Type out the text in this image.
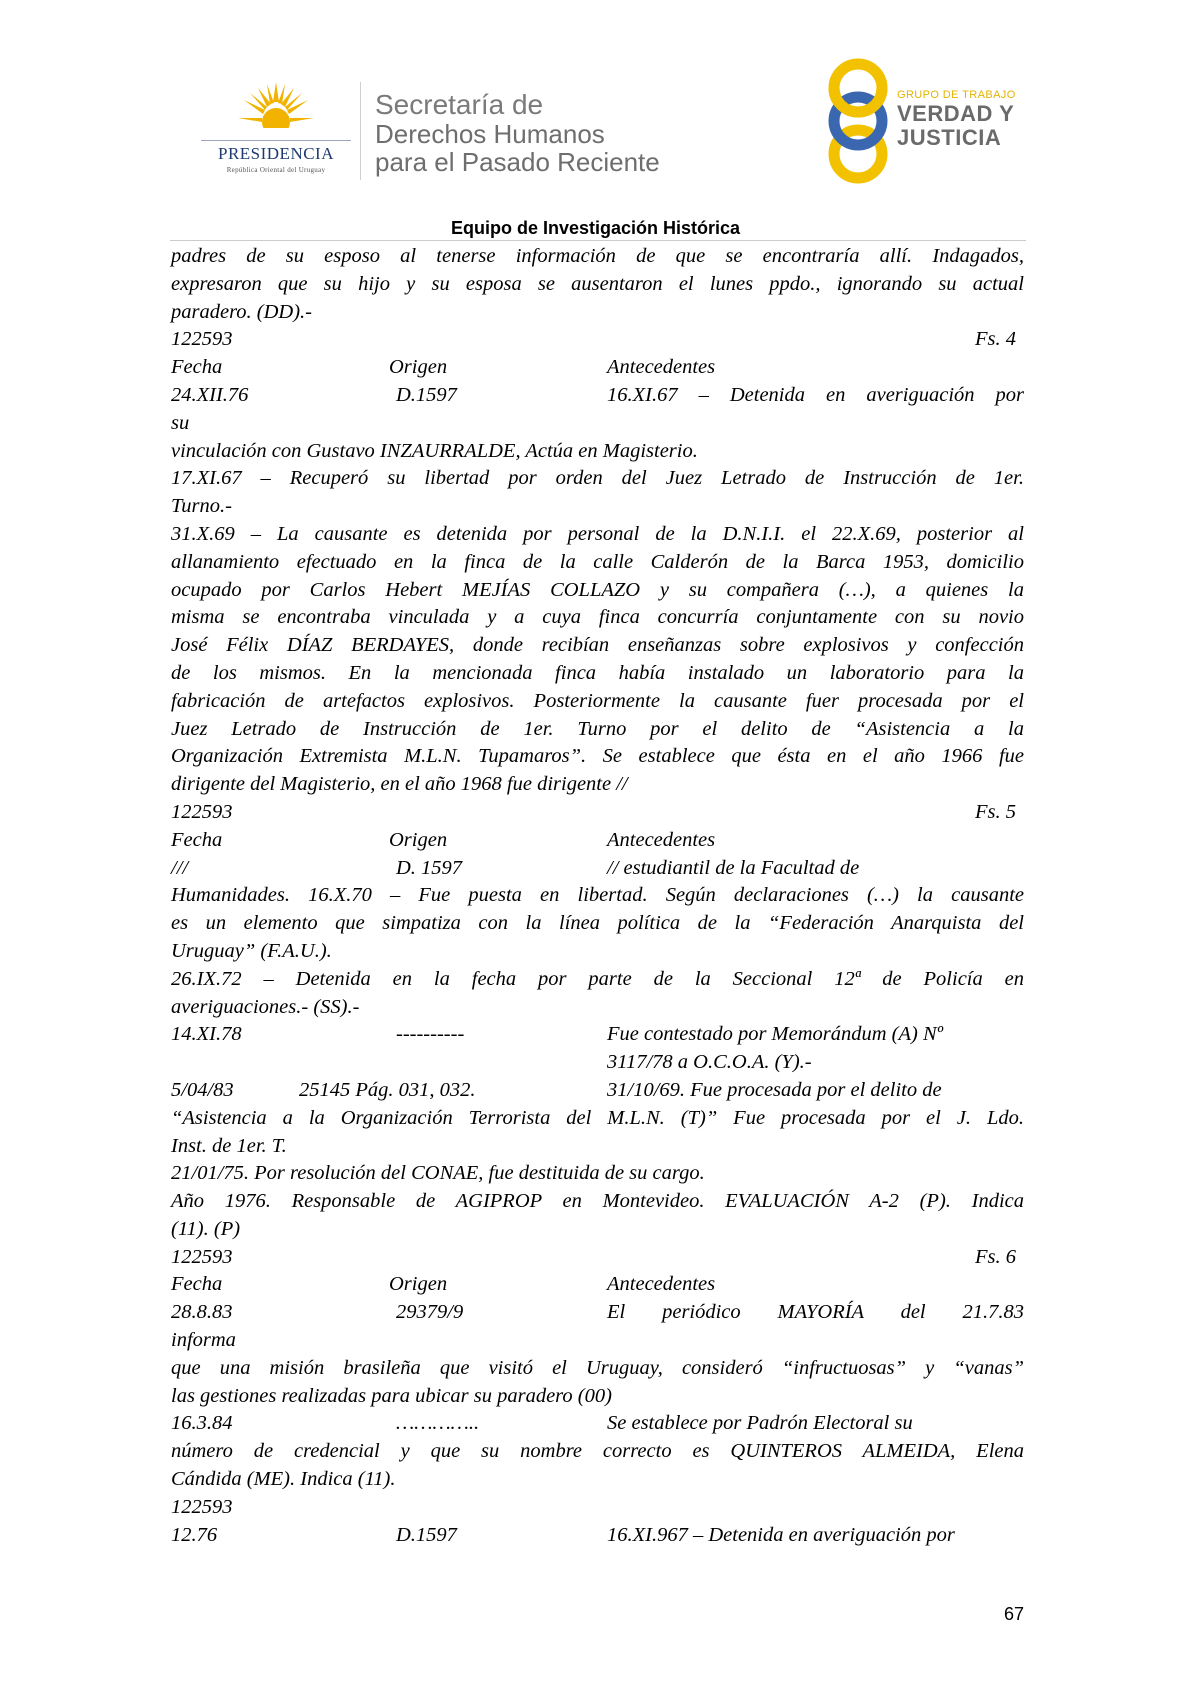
PRESIDENCIA
República Oriental del Uruguay
Secretaría de
Derechos Humanos
para el Pasado Reciente
GRUPO DE TRABAJO
VERDAD Y
JUSTICIA
Equipo de Investigación Histórica
padres de su esposo al tenerse información de que se encontraría allí. Indagados,
expresaron que su hijo y su esposa se ausentaron el lunes ppdo., ignorando su actual
paradero. (DD).-
122593	Fs. 4
Fecha	Origen	Antecedentes
24.XII.76	D.1597	16.XI.67 – Detenida en averiguación por
su
vinculación con Gustavo INZAURRALDE, Actúa en Magisterio.
17.XI.67 – Recuperó su libertad por orden del Juez Letrado de Instrucción de 1er.
Turno.-
31.X.69 – La causante es detenida por personal de la D.N.I.I. el 22.X.69, posterior al
allanamiento efectuado en la finca de la calle Calderón de la Barca 1953, domicilio
ocupado por Carlos Hebert MEJÍAS COLLAZO y su compañera (…), a quienes la
misma se encontraba vinculada y a cuya finca concurría conjuntamente con su novio
José Félix DÍAZ BERDAYES, donde recibían enseñanzas sobre explosivos y confección
de los mismos. En la mencionada finca había instalado un laboratorio para la
fabricación de artefactos explosivos. Posteriormente la causante fuer procesada por el
Juez Letrado de Instrucción de 1er. Turno por el delito de “Asistencia a la
Organización Extremista M.L.N. Tupamaros”. Se establece que ésta en el año 1966 fue
dirigente del Magisterio, en el año 1968 fue dirigente //
122593	Fs. 5
Fecha	Origen	Antecedentes
///	D. 1597	// estudiantil de la Facultad de
Humanidades. 16.X.70 – Fue puesta en libertad. Según declaraciones (…) la causante
es un elemento que simpatiza con la línea política de la “Federación Anarquista del
Uruguay” (F.A.U.).
26.IX.72 – Detenida en la fecha por parte de la Seccional 12ª de Policía en
averiguaciones.- (SS).-
14.XI.78	----------	Fue contestado por Memorándum (A) Nº
3117/78 a O.C.O.A. (Y).-
5/04/83	25145 Pág. 031, 032.	31/10/69. Fue procesada por el delito de
“Asistencia a la Organización Terrorista del M.L.N. (T)” Fue procesada por el J. Ldo.
Inst. de 1er. T.
21/01/75. Por resolución del CONAE, fue destituida de su cargo.
Año 1976. Responsable de AGIPROP en Montevideo. EVALUACIÓN A-2 (P). Indica
(11). (P)
122593	Fs. 6
Fecha	Origen	Antecedentes
28.8.83	29379/9	El periódico MAYORÍA del 21.7.83
informa
que una misión brasileña que visitó el Uruguay, consideró “infructuosas” y “vanas”
las gestiones realizadas para ubicar su paradero (00)
16.3.84	…………..	Se establece por Padrón Electoral su
número de credencial y que su nombre correcto es QUINTEROS ALMEIDA, Elena
Cándida (ME). Indica (11).
122593
12.76	D.1597	16.XI.967 – Detenida en averiguación por
67
